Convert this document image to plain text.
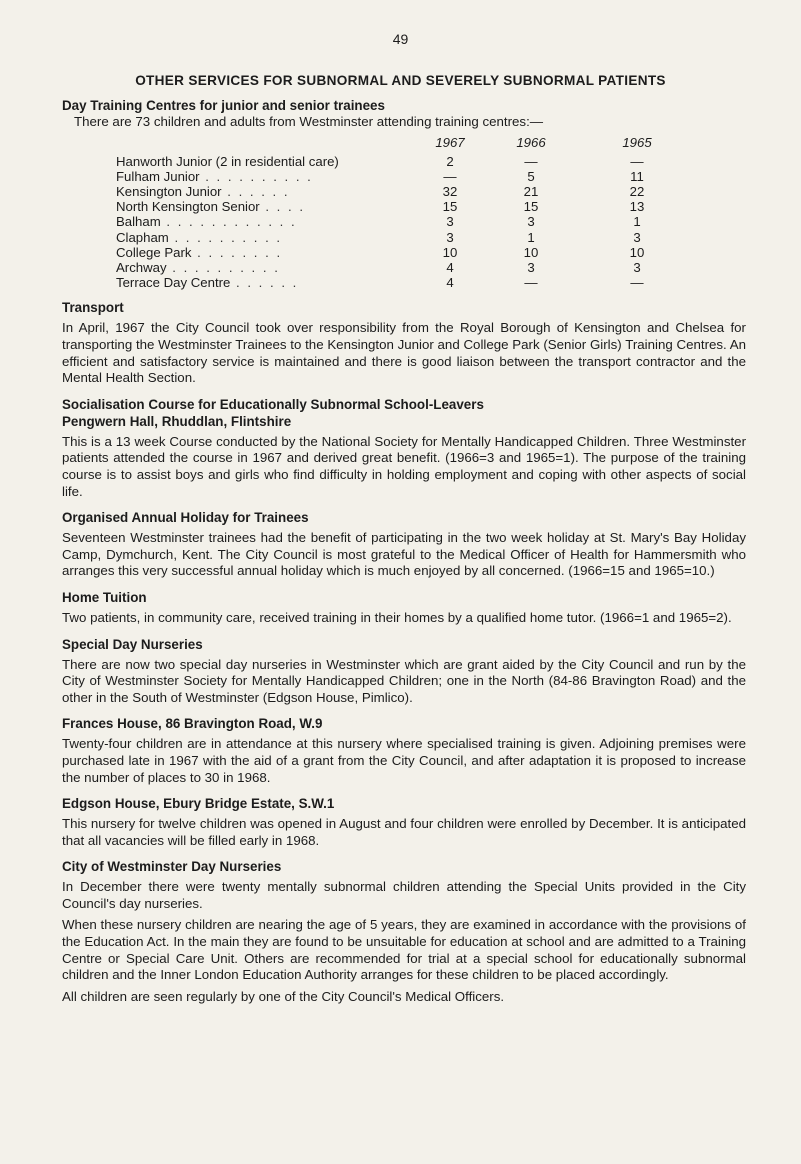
49
OTHER SERVICES FOR SUBNORMAL AND SEVERELY SUBNORMAL PATIENTS
Day Training Centres for junior and senior trainees

There are 73 children and adults from Westminster attending training centres:—

	1967	1966	1965
Hanworth Junior (2 in residential care)	2	—	—
Fulham Junior . . . . . . . . . .	—	5	11
Kensington Junior . . . . . .	32	21	22
North Kensington Senior . . . .	15	15	13
Balham . . . . . . . . . . . .	3	3	1
Clapham . . . . . . . . . .	3	1	3
College Park . . . . . . . .	10	10	10
Archway . . . . . . . . . .	4	3	3
Terrace Day Centre . . . . . .	4	—	—
Transport

In April, 1967 the City Council took over responsibility from the Royal Borough of Kensington and Chelsea for transporting the Westminster Trainees to the Kensington Junior and College Park (Senior Girls) Training Centres. An efficient and satisfactory service is maintained and there is good liaison between the transport contractor and the Mental Health Section.

Socialisation Course for Educationally Subnormal School-Leavers
Pengwern Hall, Rhuddlan, Flintshire

This is a 13 week Course conducted by the National Society for Mentally Handicapped Children. Three Westminster patients attended the course in 1967 and derived great benefit. (1966=3 and 1965=1). The purpose of the training course is to assist boys and girls who find difficulty in holding employment and coping with other aspects of social life.

Organised Annual Holiday for Trainees

Seventeen Westminster trainees had the benefit of participating in the two week holiday at St. Mary's Bay Holiday Camp, Dymchurch, Kent. The City Council is most grateful to the Medical Officer of Health for Hammersmith who arranges this very successful annual holiday which is much enjoyed by all concerned. (1966=15 and 1965=10.)

Home Tuition

Two patients, in community care, received training in their homes by a qualified home tutor. (1966=1 and 1965=2).

Special Day Nurseries

There are now two special day nurseries in Westminster which are grant aided by the City Council and run by the City of Westminster Society for Mentally Handicapped Children; one in the North (84-86 Bravington Road) and the other in the South of Westminster (Edgson House, Pimlico).

Frances House, 86 Bravington Road, W.9

Twenty-four children are in attendance at this nursery where specialised training is given. Adjoining premises were purchased late in 1967 with the aid of a grant from the City Council, and after adaptation it is proposed to increase the number of places to 30 in 1968.

Edgson House, Ebury Bridge Estate, S.W.1

This nursery for twelve children was opened in August and four children were enrolled by December. It is anticipated that all vacancies will be filled early in 1968.

City of Westminster Day Nurseries

In December there were twenty mentally subnormal children attending the Special Units provided in the City Council's day nurseries.

When these nursery children are nearing the age of 5 years, they are examined in accordance with the provisions of the Education Act. In the main they are found to be unsuitable for education at school and are admitted to a Training Centre or Special Care Unit. Others are recommended for trial at a special school for educationally subnormal children and the Inner London Education Authority arranges for these children to be placed accordingly.

All children are seen regularly by one of the City Council's Medical Officers.
